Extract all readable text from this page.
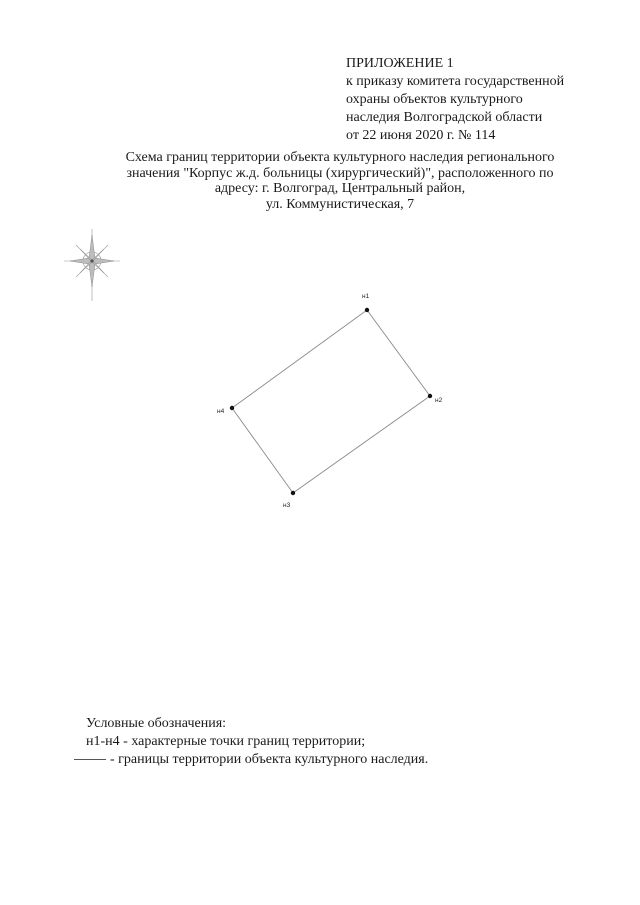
ПРИЛОЖЕНИЕ 1
к приказу комитета государственной
охраны объектов культурного
наследия Волгоградской области
от 22 июня 2020 г. № 114
Схема границ территории объекта культурного наследия регионального
значения "Корпус ж.д. больницы (хирургический)", расположенного по
адресу: г. Волгоград, Центральный район,
ул. Коммунистическая, 7
н1
н2
н3
н4
Условные обозначения:
н1-н4 - характерные точки границ территории;
- границы территории объекта культурного наследия.
